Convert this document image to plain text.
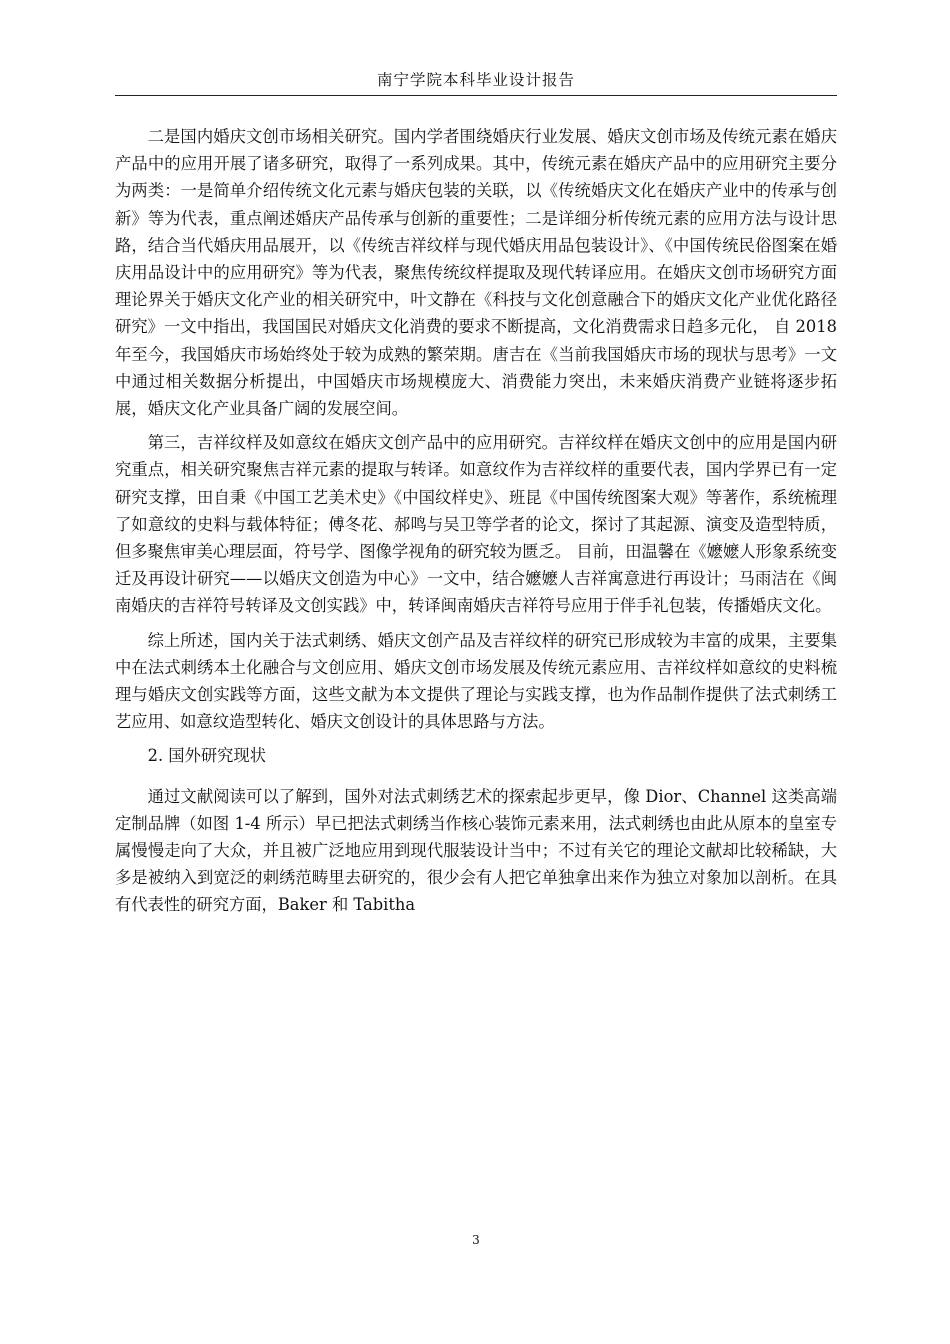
南宁学院本科毕业设计报告

二是国内婚庆文创市场相关研究。国内学者围绕婚庆行业发展、婚庆文创市场及传统元素在婚庆产品中的应用开展了诸多研究，取得了一系列成果。其中，传统元素在婚庆产品中的应用研究主要分为两类：一是简单介绍传统文化元素与婚庆包装的关联，以《传统婚庆文化在婚庆产业中的传承与创新》等为代表，重点阐述婚庆产品传承与创新的重要性；二是详细分析传统元素的应用方法与设计思路，结合当代婚庆用品展开，以《传统吉祥纹样与现代婚庆用品包装设计》、《中国传统民俗图案在婚庆用品设计中的应用研究》等为代表，聚焦传统纹样提取及现代转译应用。在婚庆文创市场研究方面理论界关于婚庆文化产业的相关研究中，叶文静在《科技与文化创意融合下的婚庆文化产业优化路径研究》一文中指出，我国国民对婚庆文化消费的要求不断提高，文化消费需求日趋多元化， 自 2018 年至今，我国婚庆市场始终处于较为成熟的繁荣期。唐吉在《当前我国婚庆市场的现状与思考》一文中通过相关数据分析提出，中国婚庆市场规模庞大、消费能力突出，未来婚庆消费产业链将逐步拓展，婚庆文化产业具备广阔的发展空间。

第三，吉祥纹样及如意纹在婚庆文创产品中的应用研究。吉祥纹样在婚庆文创中的应用是国内研究重点，相关研究聚焦吉祥元素的提取与转译。如意纹作为吉祥纹样的重要代表，国内学界已有一定研究支撑，田自秉《中国工艺美术史》《中国纹样史》、班昆《中国传统图案大观》等著作，系统梳理了如意纹的史料与载体特征；傅冬花、郝鸣与吴卫等学者的论文，探讨了其起源、演变及造型特质，但多聚焦审美心理层面，符号学、图像学视角的研究较为匮乏。 目前，田温馨在《嬷嬷人形象系统变迁及再设计研究——以婚庆文创造为中心》一文中，结合嬷嬷人吉祥寓意进行再设计；马雨洁在《闽南婚庆的吉祥符号转译及文创实践》中，转译闽南婚庆吉祥符号应用于伴手礼包装，传播婚庆文化。

综上所述，国内关于法式刺绣、婚庆文创产品及吉祥纹样的研究已形成较为丰富的成果，主要集中在法式刺绣本土化融合与文创应用、婚庆文创市场发展及传统元素应用、吉祥纹样如意纹的史料梳理与婚庆文创实践等方面，这些文献为本文提供了理论与实践支撑，也为作品制作提供了法式刺绣工艺应用、如意纹造型转化、婚庆文创设计的具体思路与方法。

2. 国外研究现状

通过文献阅读可以了解到，国外对法式刺绣艺术的探索起步更早，像 Dior、Channel 这类高端定制品牌（如图 1-4 所示）早已把法式刺绣当作核心装饰元素来用，法式刺绣也由此从原本的皇室专属慢慢走向了大众，并且被广泛地应用到现代服装设计当中；不过有关它的理论文献却比较稀缺，大多是被纳入到宽泛的刺绣范畴里去研究的，很少会有人把它单独拿出来作为独立对象加以剖析。在具有代表性的研究方面，Baker 和 Tabitha

3
